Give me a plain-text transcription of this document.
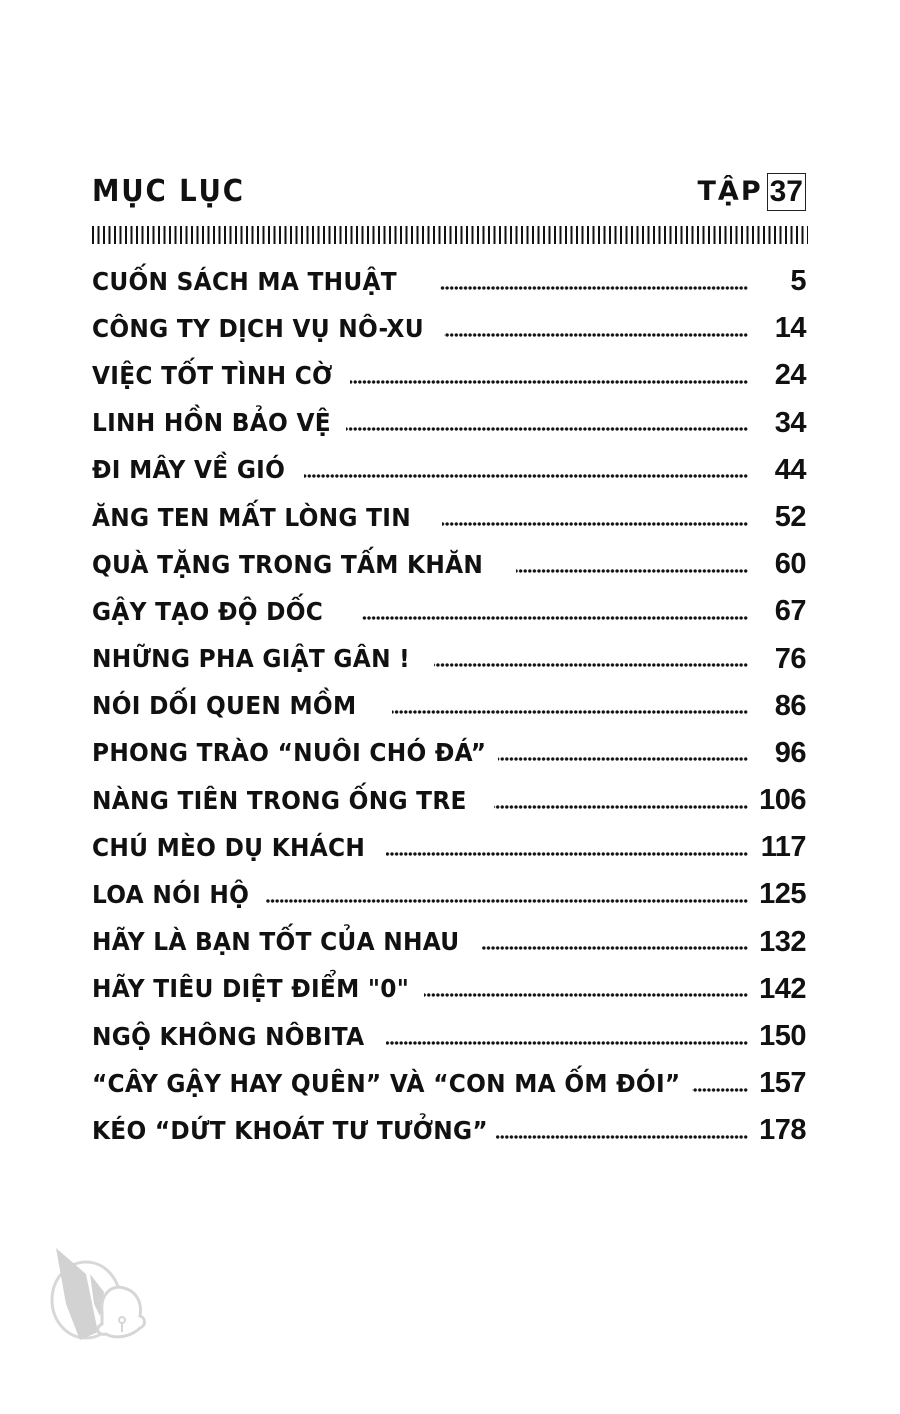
MỤC LỤC	TẬP 37
CUỐN SÁCH MA THUẬT	5
CÔNG TY DỊCH VỤ NÔ-XU	14
VIỆC TỐT TÌNH CỜ	24
LINH HỒN BẢO VỆ	34
ĐI MÂY VỀ GIÓ	44
ĂNG TEN MẤT LÒNG TIN	52
QUÀ TẶNG TRONG TẤM KHĂN	60
GẬY TẠO ĐỘ DỐC	67
NHỮNG PHA GIẬT GÂN !	76
NÓI DỐI QUEN MỒM	86
PHONG TRÀO “NUÔI CHÓ ĐÁ”	96
NÀNG TIÊN TRONG ỐNG TRE	106
CHÚ MÈO DỤ KHÁCH	117
LOA NÓI HỘ	125
HÃY LÀ BẠN TỐT CỦA NHAU	132
HÃY TIÊU DIỆT ĐIỂM "0"	142
NGỘ KHÔNG NÔBITA	150
“CÂY GẬY HAY QUÊN” VÀ “CON MA ỐM ĐÓI”	157
KÉO “DỨT KHOÁT TƯ TƯỞNG”	178
